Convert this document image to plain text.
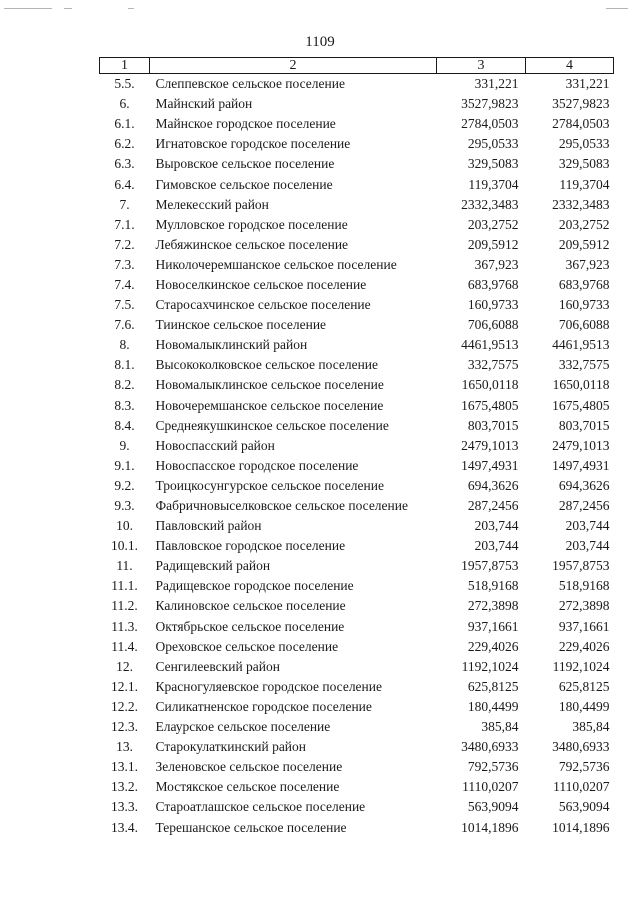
1109
1	2	3	4
5.5.	Слеппевское сельское поселение	331,221	331,221
6.	Майнский район	3527,9823	3527,9823
6.1.	Майнское городское поселение	2784,0503	2784,0503
6.2.	Игнатовское городское поселение	295,0533	295,0533
6.3.	Выровское сельское поселение	329,5083	329,5083
6.4.	Гимовское сельское поселение	119,3704	119,3704
7.	Мелекесский район	2332,3483	2332,3483
7.1.	Мулловское городское поселение	203,2752	203,2752
7.2.	Лебяжинское сельское поселение	209,5912	209,5912
7.3.	Николочеремшанское сельское поселение	367,923	367,923
7.4.	Новоселкинское сельское поселение	683,9768	683,9768
7.5.	Старосахчинское сельское поселение	160,9733	160,9733
7.6.	Тиинское сельское поселение	706,6088	706,6088
8.	Новомалыклинский район	4461,9513	4461,9513
8.1.	Высококолковское сельское поселение	332,7575	332,7575
8.2.	Новомалыклинское сельское поселение	1650,0118	1650,0118
8.3.	Новочеремшанское сельское поселение	1675,4805	1675,4805
8.4.	Среднеякушкинское сельское поселение	803,7015	803,7015
9.	Новоспасский район	2479,1013	2479,1013
9.1.	Новоспасское городское поселение	1497,4931	1497,4931
9.2.	Троицкосунгурское сельское поселение	694,3626	694,3626
9.3.	Фабричновыселковское сельское поселение	287,2456	287,2456
10.	Павловский район	203,744	203,744
10.1.	Павловское городское поселение	203,744	203,744
11.	Радищевский район	1957,8753	1957,8753
11.1.	Радищевское городское поселение	518,9168	518,9168
11.2.	Калиновское сельское поселение	272,3898	272,3898
11.3.	Октябрьское сельское поселение	937,1661	937,1661
11.4.	Ореховское сельское поселение	229,4026	229,4026
12.	Сенгилеевский район	1192,1024	1192,1024
12.1.	Красногуляевское городское поселение	625,8125	625,8125
12.2.	Силикатненское городское поселение	180,4499	180,4499
12.3.	Елаурское сельское поселение	385,84	385,84
13.	Старокулаткинский район	3480,6933	3480,6933
13.1.	Зеленовское сельское поселение	792,5736	792,5736
13.2.	Мостякское сельское поселение	1110,0207	1110,0207
13.3.	Староатлашское сельское поселение	563,9094	563,9094
13.4.	Терешанское сельское поселение	1014,1896	1014,1896
